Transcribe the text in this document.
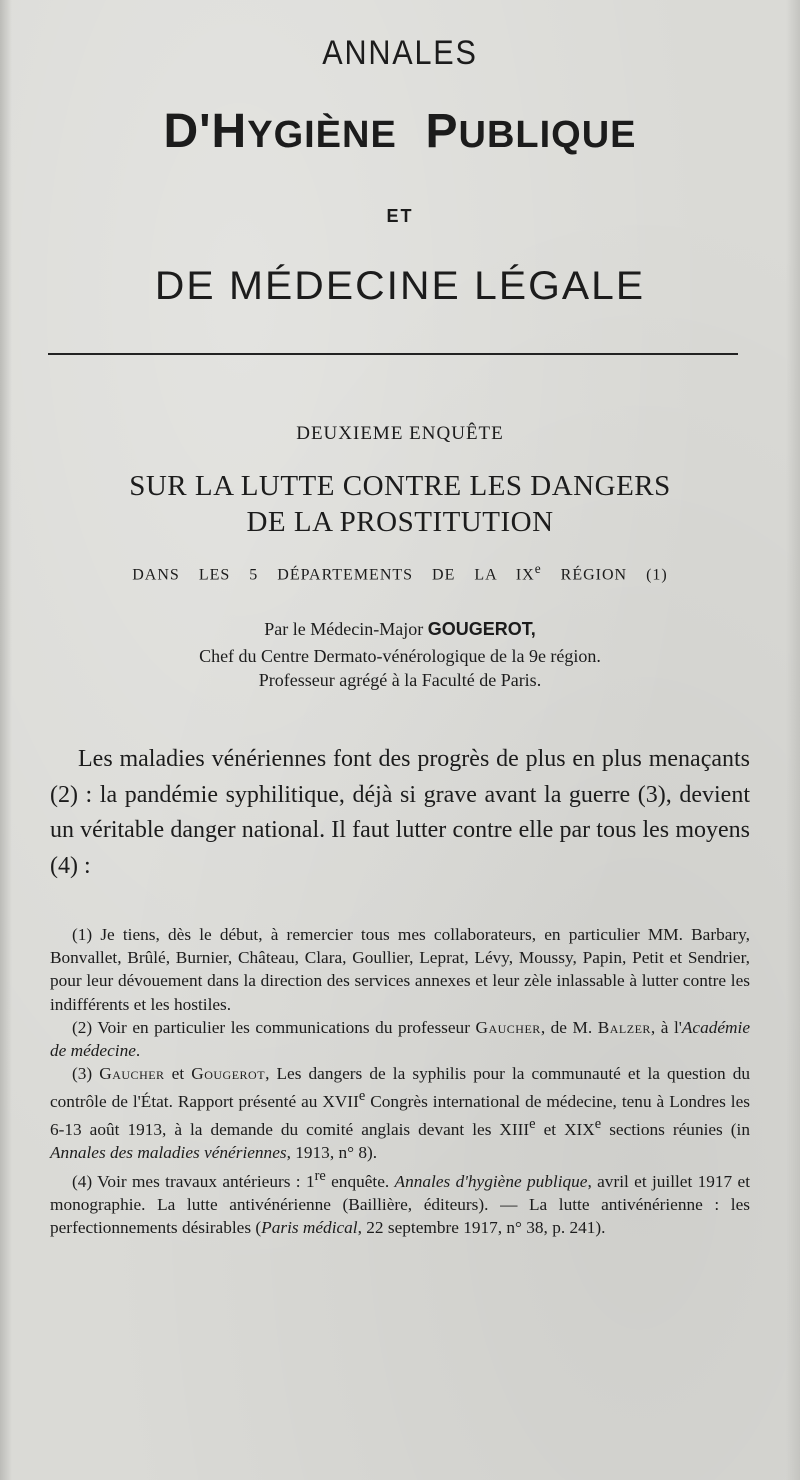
ANNALES
D'HYGIÈNE PUBLIQUE
ET
DE MÉDECINE LÉGALE
DEUXIEME ENQUÊTE
SUR LA LUTTE CONTRE LES DANGERS
DE LA PROSTITUTION
DANS LES 5 DÉPARTEMENTS DE LA IXe RÉGION (1)
Par le Médecin-Major GOUGEROT,
Chef du Centre Dermato-vénérologique de la 9e région.
Professeur agrégé à la Faculté de Paris.

Les maladies vénériennes font des progrès de plus en plus menaçants (2) : la pandémie syphilitique, déjà si grave avant la guerre (3), devient un véritable danger national. Il faut lutter contre elle par tous les moyens (4) :

(1) Je tiens, dès le début, à remercier tous mes collaborateurs, en particulier MM. Barbary, Bonvallet, Brûlé, Burnier, Château, Clara, Goullier, Leprat, Lévy, Moussy, Papin, Petit et Sendrier, pour leur dévouement dans la direction des services annexes et leur zèle inlassable à lutter contre les indifférents et les hostiles.

(2) Voir en particulier les communications du professeur Gaucher, de M. Balzer, à l'Académie de médecine.

(3) Gaucher et Gougerot, Les dangers de la syphilis pour la communauté et la question du contrôle de l'État. Rapport présenté au XVIIe Congrès international de médecine, tenu à Londres les 6-13 août 1913, à la demande du comité anglais devant les XIIIe et XIXe sections réunies (in Annales des maladies vénériennes, 1913, n° 8).

(4) Voir mes travaux antérieurs : 1re enquête. Annales d'hygiène publique, avril et juillet 1917 et monographie. La lutte antivénérienne (Baillière, éditeurs). — La lutte antivénérienne : les perfectionnements désirables (Paris médical, 22 septembre 1917, n° 38, p. 241).
